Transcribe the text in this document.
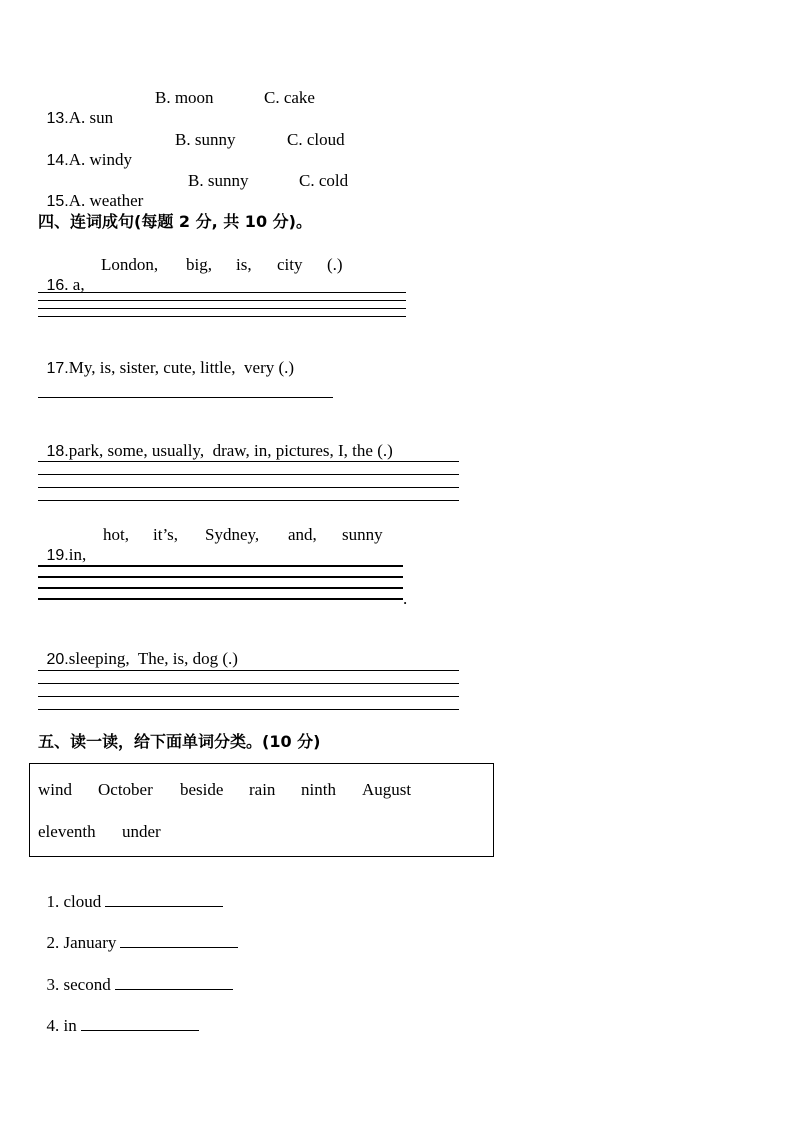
13.A. sun

B. moon	C. cake

14.A. windy

B. sunny	C. cloud

15.A. weather

B. sunny	C. cold
四、连词成句(每题 2 分, 共 10 分)。

16. a,

London, big, is, city (.)

17.My, is, sister, cute, little,  very (.)

18.park, some, usually,  draw, in, pictures, I, the (.)

19.in,

hot, it’s, Sydney, and, sunny
.

20.sleeping,  The, is, dog (.)

五、读一读，给下面单词分类。(10 分)
wind October beside rain ninth August
eleventh under

1. cloud

2. January

3. second

4. in
